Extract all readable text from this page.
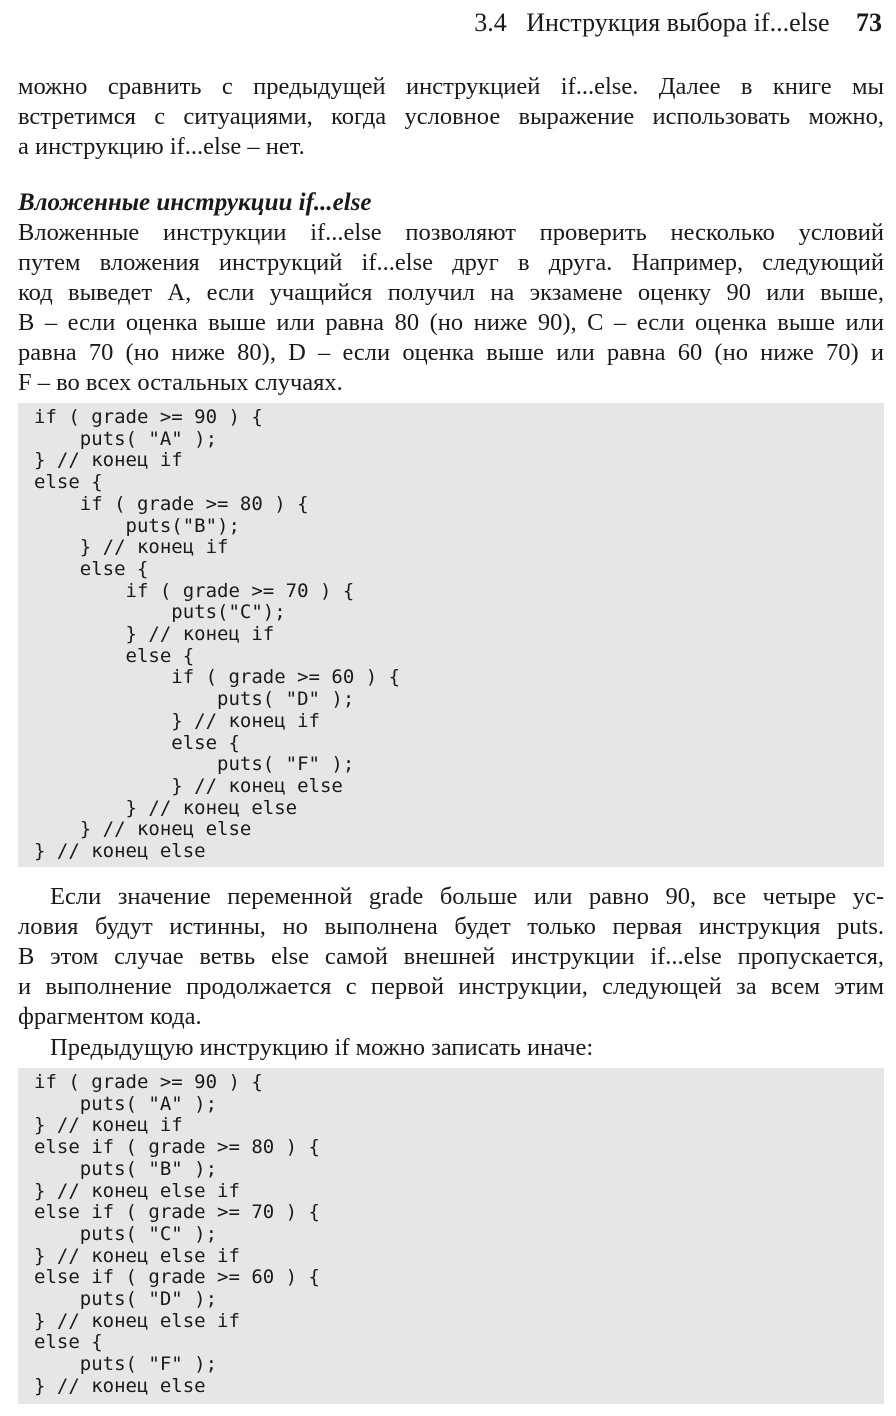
3.4 Инструкция выбора if...else 73
можно сравнить с предыдущей инструкцией if...else. Далее в книге мы
встретимся с ситуациями, когда условное выражение использовать можно,
а инструкцию if...else – нет.
Вложенные инструкции if...else
Вложенные инструкции if...else позволяют проверить несколько условий
путем вложения инструкций if...else друг в друга. Например, следующий
код выведет A, если учащийся получил на экзамене оценку 90 или выше,
B – если оценка выше или равна 80 (но ниже 90), C – если оценка выше или
равна 70 (но ниже 80), D – если оценка выше или равна 60 (но ниже 70) и
F – во всех остальных случаях.
if ( grade >= 90 ) {
puts( "A" );
} // конец if
else {
if ( grade >= 80 ) {
puts("B");
} // конец if
else {
if ( grade >= 70 ) {
puts("C");
} // конец if
else {
if ( grade >= 60 ) {
puts( "D" );
} // конец if
else {
puts( "F" );
} // конец else
} // конец else
} // конец else
} // конец else
Если значение переменной grade больше или равно 90, все четыре ус-
ловия будут истинны, но выполнена будет только первая инструкция puts.
В этом случае ветвь else самой внешней инструкции if...else пропускается,
и выполнение продолжается с первой инструкции, следующей за всем этим
фрагментом кода.
Предыдущую инструкцию if можно записать иначе:
if ( grade >= 90 ) {
puts( "A" );
} // конец if
else if ( grade >= 80 ) {
puts( "B" );
} // конец else if
else if ( grade >= 70 ) {
puts( "C" );
} // конец else if
else if ( grade >= 60 ) {
puts( "D" );
} // конец else if
else {
puts( "F" );
} // конец else
